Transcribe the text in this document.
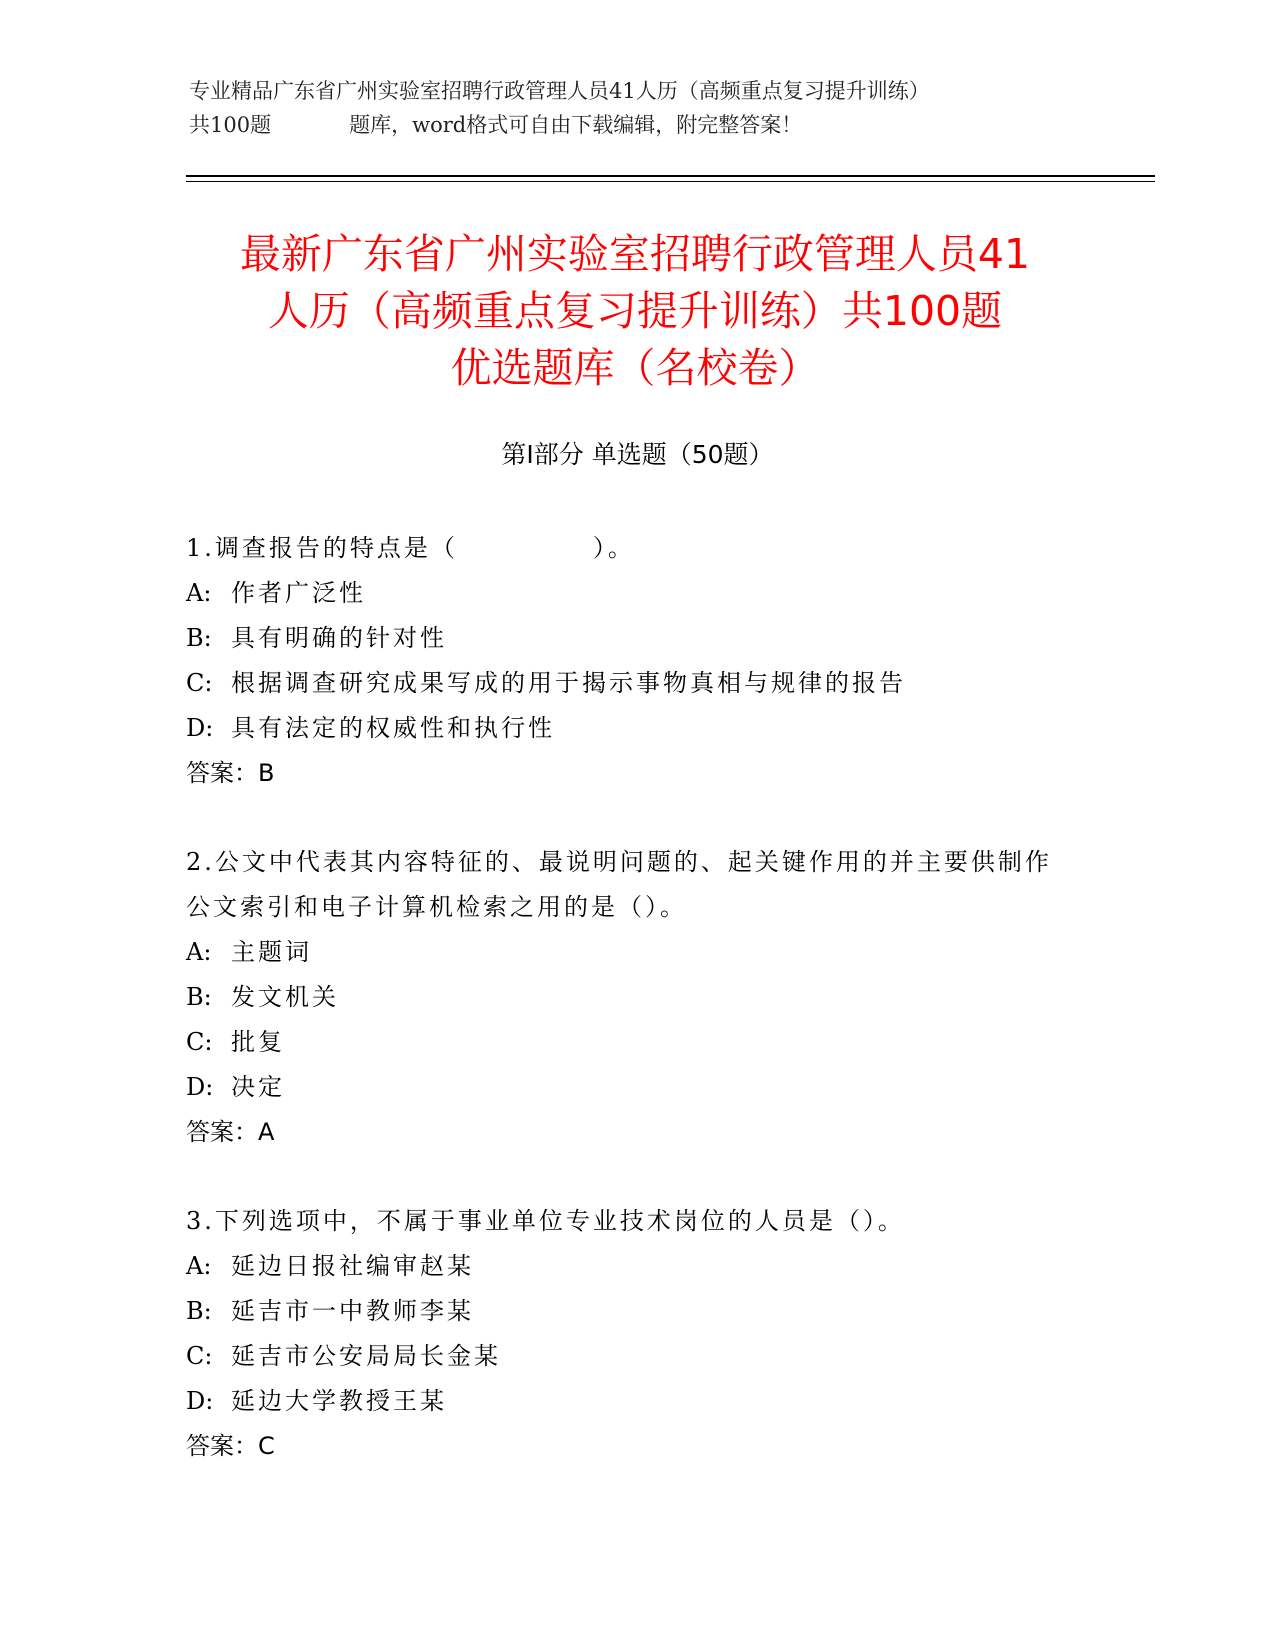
专业精品广东省广州实验室招聘行政管理人员41人历（高频重点复习提升训练）
共100题	题库，word格式可自由下载编辑，附完整答案！
最新广东省广州实验室招聘行政管理人员41
人历（高频重点复习提升训练）共100题
优选题库（名校卷）
第Ⅰ部分 单选题（50题）
1.调查报告的特点是（　　　　　）。
A: 作者广泛性
B: 具有明确的针对性
C: 根据调查研究成果写成的用于揭示事物真相与规律的报告
D: 具有法定的权威性和执行性
答案：B
2.公文中代表其内容特征的、最说明问题的、起关键作用的并主要供制作公文索引和电子计算机检索之用的是（）。
A: 主题词
B: 发文机关
C: 批复
D: 决定
答案：A
3.下列选项中，不属于事业单位专业技术岗位的人员是（）。
A: 延边日报社编审赵某
B: 延吉市一中教师李某
C: 延吉市公安局局长金某
D: 延边大学教授王某
答案：C
